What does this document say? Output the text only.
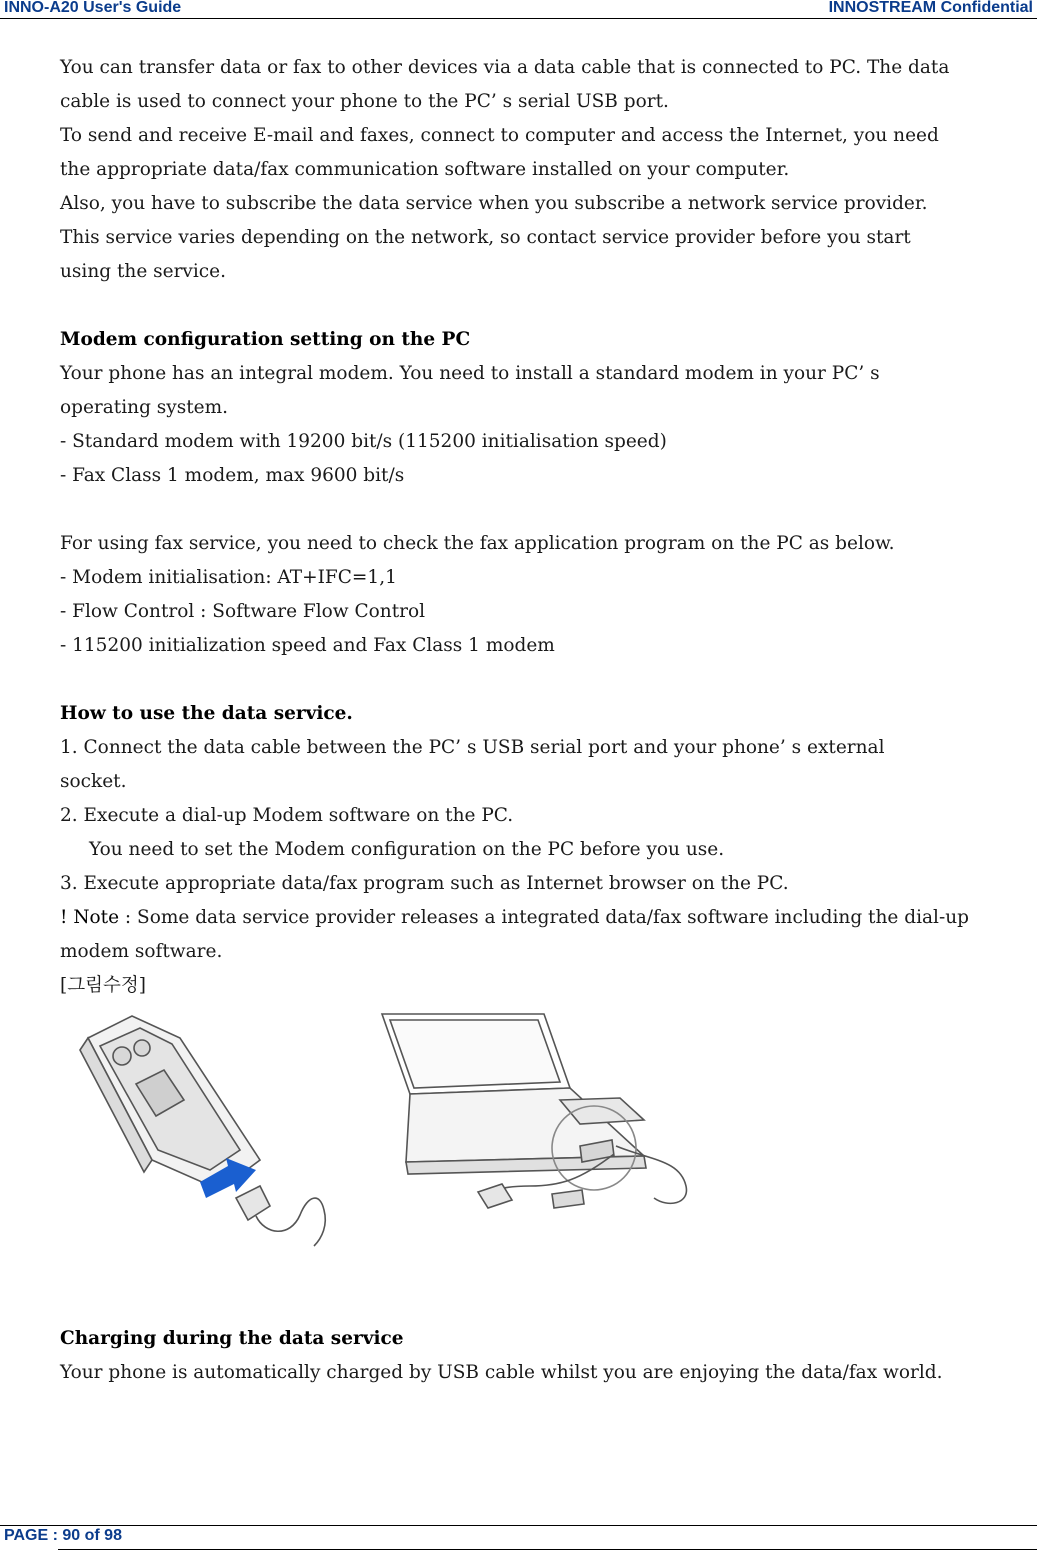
INNO-A20 User's Guide	INNOSTREAM Confidential
You can transfer data or fax to other devices via a data cable that is connected to PC. The data
cable is used to connect your phone to the PC’ s serial USB port.
To send and receive E-mail and faxes, connect to computer and access the Internet, you need
the appropriate data/fax communication software installed on your computer.
Also, you have to subscribe the data service when you subscribe a network service provider.
This service varies depending on the network, so contact service provider before you start
using the service.
Modem configuration setting on the PC
Your phone has an integral modem. You need to install a standard modem in your PC’ s
operating system.
- Standard modem with 19200 bit/s (115200 initialisation speed)
- Fax Class 1 modem, max 9600 bit/s
For using fax service, you need to check the fax application program on the PC as below.
- Modem initialisation: AT+IFC=1,1
- Flow Control : Software Flow Control
- 115200 initialization speed and Fax Class 1 modem
How to use the data service.
1. Connect the data cable between the PC’ s USB serial port and your phone’ s external
socket.
2. Execute a dial-up Modem software on the PC.
You need to set the Modem configuration on the PC before you use.
3. Execute appropriate data/fax program such as Internet browser on the PC.
! Note : Some data service provider releases a integrated data/fax software including the dial-up
modem software.
[그림수정]
Charging during the data service
Your phone is automatically charged by USB cable whilst you are enjoying the data/fax world.
PAGE : 90 of 98
